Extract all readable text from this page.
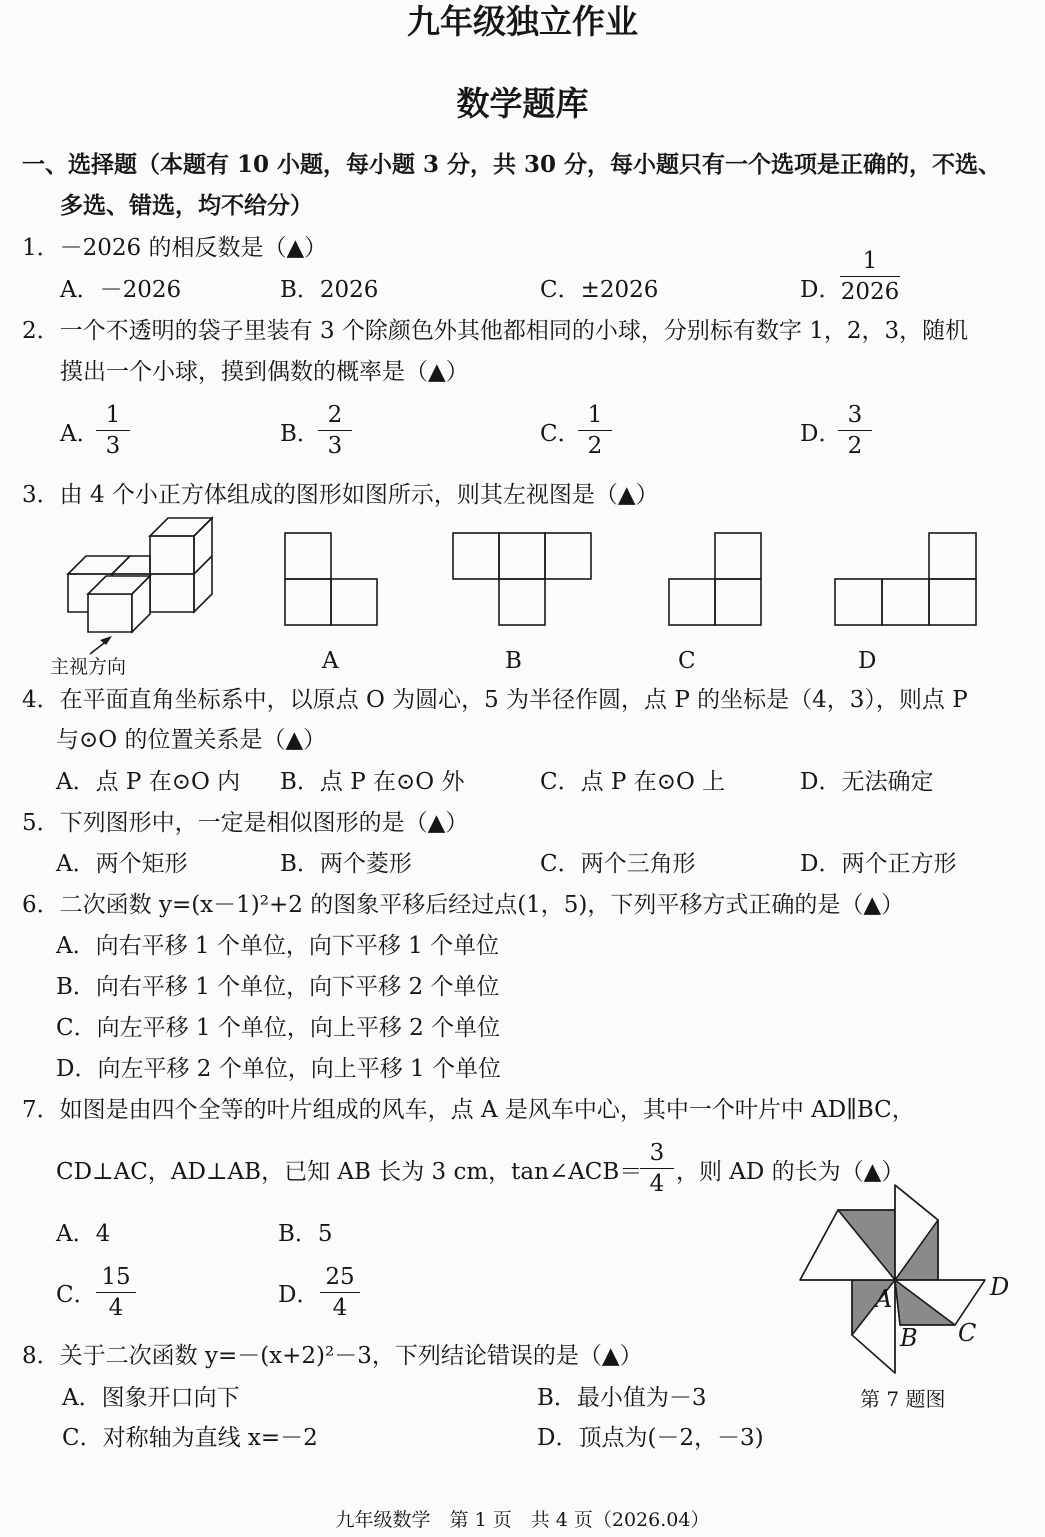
九年级独立作业
数学题库
一、选择题（本题有 10 小题，每小题 3 分，共 30 分，每小题只有一个选项是正确的，不选、
多选、错选，均不给分）
1．－2026 的相反数是（▲）
A．－2026	B．2026	C．±2026	D．
$\frac{1}{2026}$
2．一个不透明的袋子里装有 3 个除颜色外其他都相同的小球，分别标有数字 1，2，3，随机
摸出一个小球，摸到偶数的概率是（▲）
A．
$\frac{1}{3}$	B．
$\frac{2}{3}$	C．
$\frac{1}{2}$	D．
$\frac{3}{2}$
3．由 4 个小正方体组成的图形如图所示，则其左视图是（▲）
主视方向	A	B	C	D
4．在平面直角坐标系中，以原点 O 为圆心，5 为半径作圆，点 P 的坐标是（4，3），则点 P
与⊙O 的位置关系是（▲）
A．点 P 在⊙O 内 B．点 P 在⊙O 外	C．点 P 在⊙O 上	D．无法确定
5．下列图形中，一定是相似图形的是（▲）
A．两个矩形	B．两个菱形	C．两个三角形	D．两个正方形
6．二次函数 y=(x－1)²+2 的图象平移后经过点(1，5)，下列平移方式正确的是（▲）
A．向右平移 1 个单位，向下平移 1 个单位
B．向右平移 1 个单位，向下平移 2 个单位
C．向左平移 1 个单位，向上平移 2 个单位
D．向左平移 2 个单位，向上平移 1 个单位
7．如图是由四个全等的叶片组成的风车，点 A 是风车中心，其中一个叶片中 AD∥BC，
CD⊥AC，AD⊥AB，已知 AB 长为 3 cm，tan∠ACB＝
$\frac{3}{4}$ ，则 AD 的长为（▲）
A．4	B．5
C． $\frac{15}{4}$	D． $\frac{25}{4}$	A
B C
D
第 7 题图
8．关于二次函数 y=－(x+2)²－3，下列结论错误的是（▲）
A．图象开口向下	B．最小值为－3
C．对称轴为直线 x=－2	D．顶点为(－2，－3)
九年级数学　第 1 页　共 4 页（2026.04）
